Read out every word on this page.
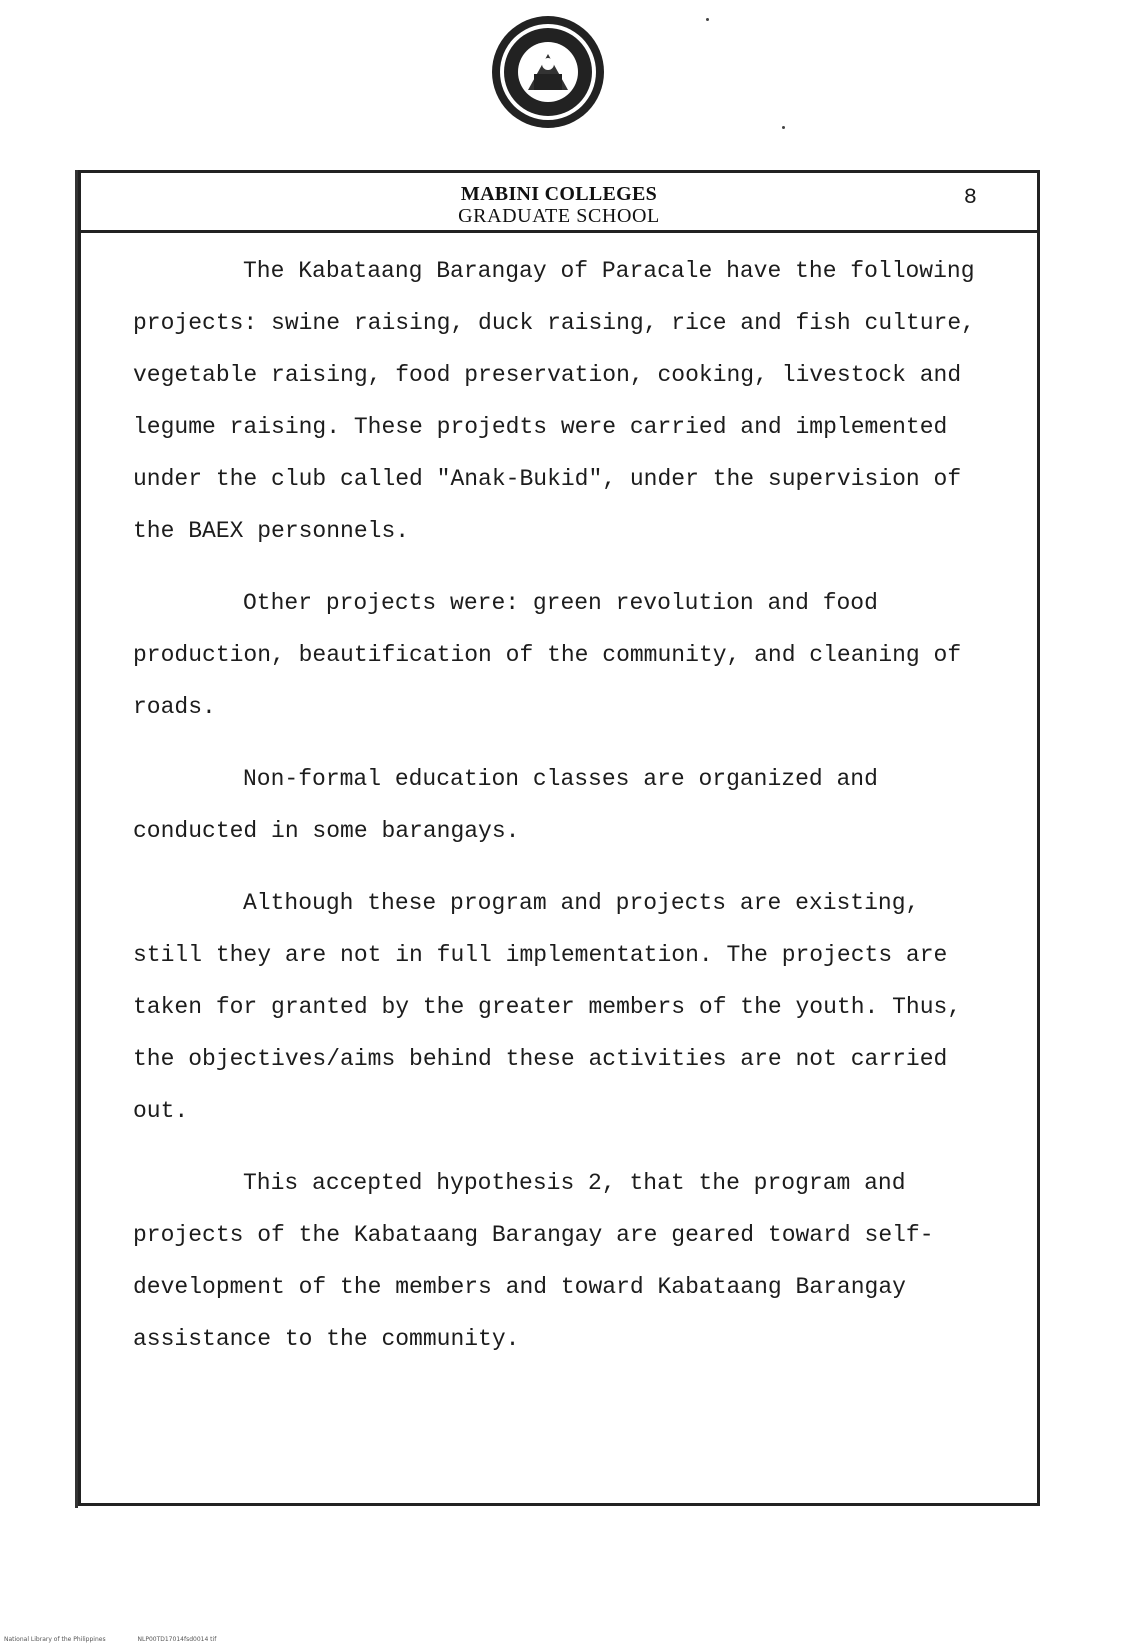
MABINI COLLEGES
GRADUATE SCHOOL
8

The Kabataang Barangay of Paracale have the following projects: swine raising, duck raising, rice and fish culture, vegetable raising, food preservation, cooking, livestock and legume raising. These projedts were carried and implemented under the club called "Anak-Bukid", under the supervision of the BAEX personnels.

Other projects were: green revolution and food production, beautification of the community, and cleaning of roads.

Non-formal education classes are organized and conducted in some barangays.

Although these program and projects are existing, still they are not in full implementation. The projects are taken for granted by the greater members of the youth. Thus, the objectives/aims behind these activities are not carried out.

This accepted hypothesis 2, that the program and projects of the Kabataang Barangay are geared toward self-development of the members and toward Kabataang Barangay assistance to the community.

National Library of the Philippines	NLP00TD17014fsd0014 tif
